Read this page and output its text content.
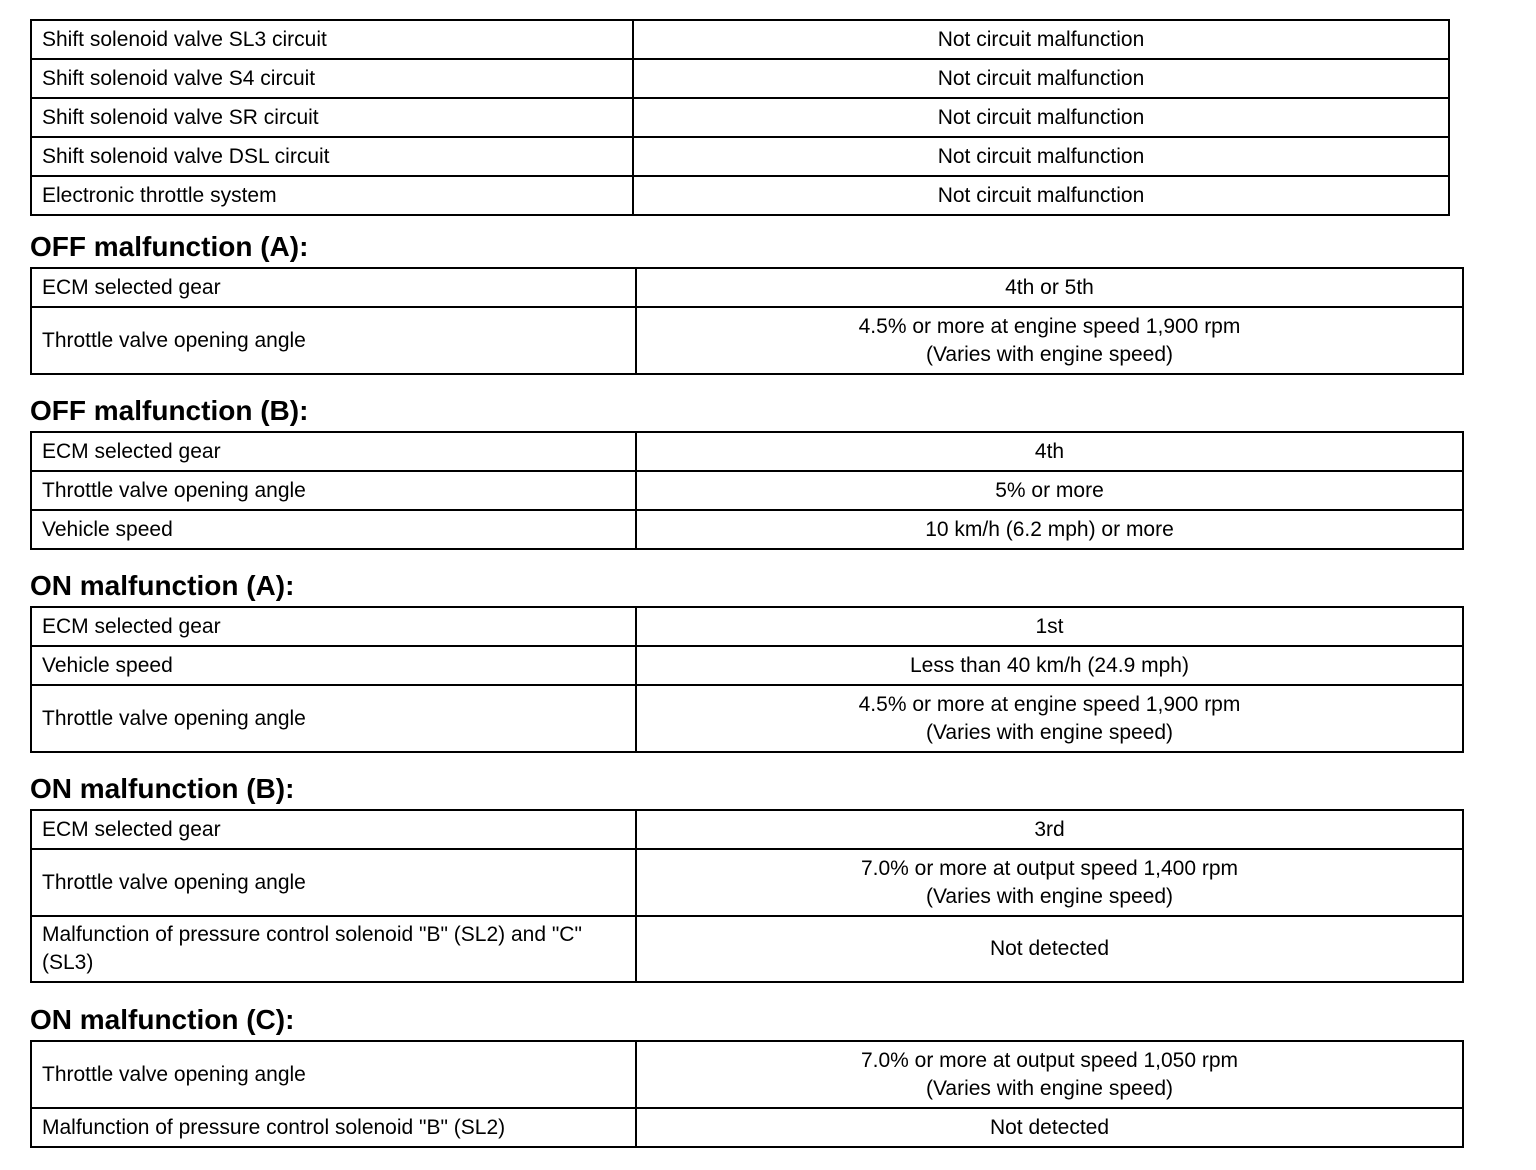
Shift solenoid valve SL3 circuit	Not circuit malfunction
Shift solenoid valve S4 circuit	Not circuit malfunction
Shift solenoid valve SR circuit	Not circuit malfunction
Shift solenoid valve DSL circuit	Not circuit malfunction
Electronic throttle system	Not circuit malfunction
OFF malfunction (A):
ECM selected gear	4th or 5th
Throttle valve opening angle	4.5% or more at engine speed 1,900 rpm
(Varies with engine speed)
OFF malfunction (B):
ECM selected gear	4th
Throttle valve opening angle	5% or more
Vehicle speed	10 km/h (6.2 mph) or more
ON malfunction (A):
ECM selected gear	1st
Vehicle speed	Less than 40 km/h (24.9 mph)
Throttle valve opening angle	4.5% or more at engine speed 1,900 rpm
(Varies with engine speed)
ON malfunction (B):
ECM selected gear	3rd
Throttle valve opening angle	7.0% or more at output speed 1,400 rpm
(Varies with engine speed)

Malfunction of pressure control solenoid "B" (SL2) and "C" (SL3)	Not detected
ON malfunction (C):
Throttle valve opening angle	7.0% or more at output speed 1,050 rpm
(Varies with engine speed)

Malfunction of pressure control solenoid "B" (SL2)	Not detected
